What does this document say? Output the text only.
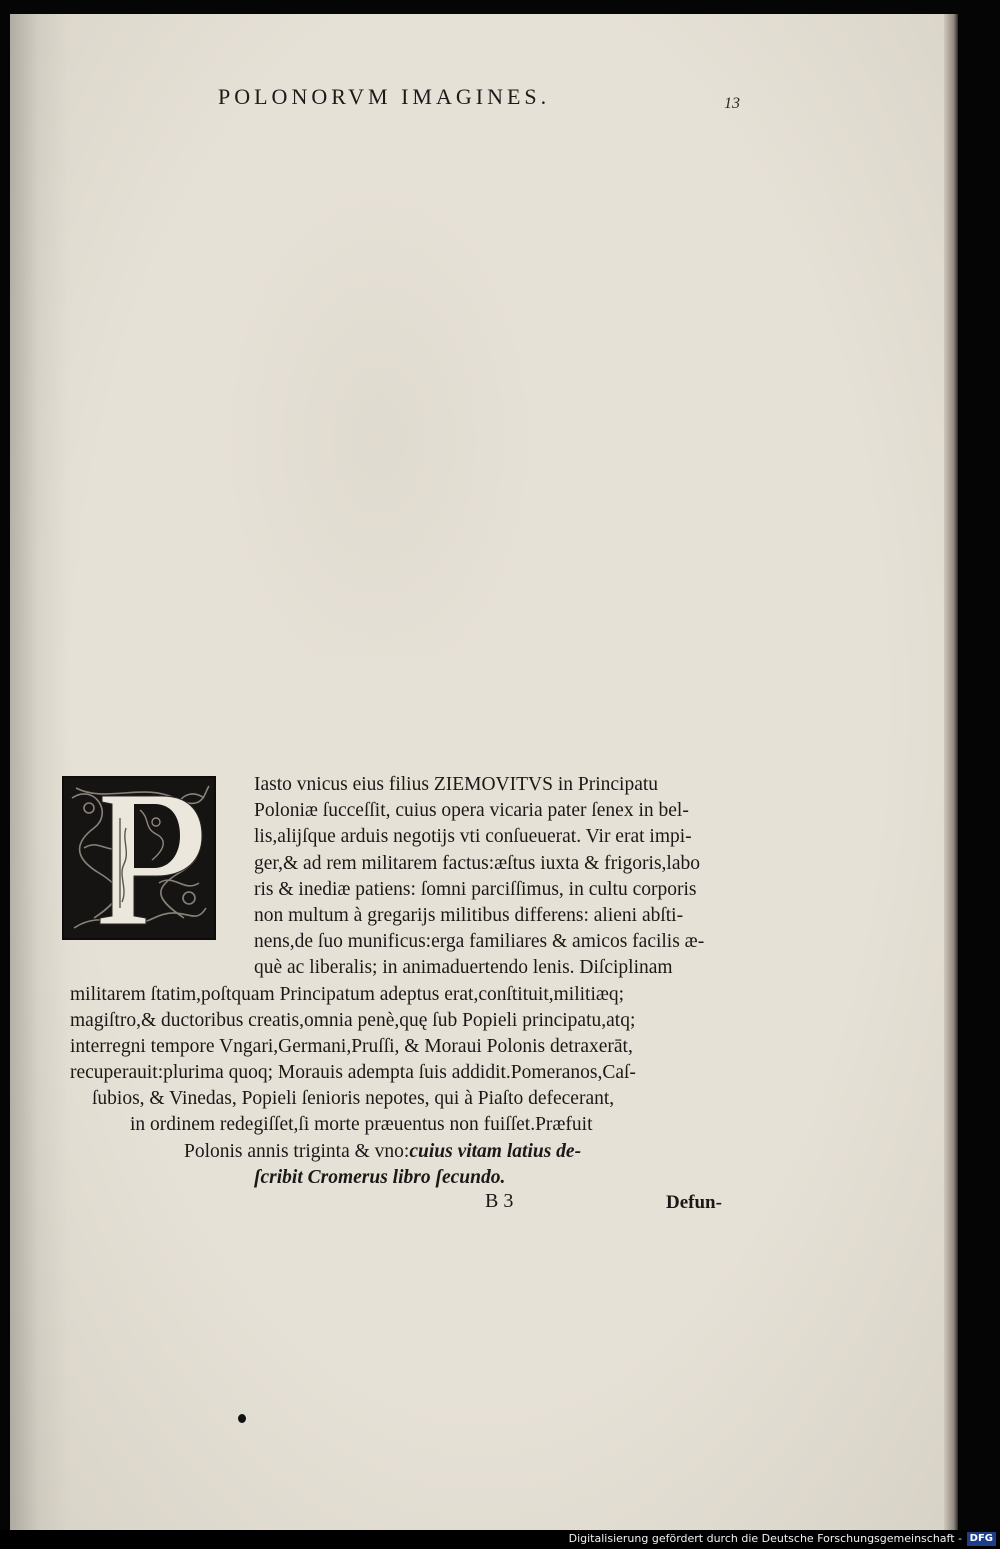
POLONORVM IMAGINES.	13
Iasto vnicus eius filius ZIEMOVITVS in Principatu
Poloniæ ſucceſſit, cuius opera vicaria pater ſenex in bel-
lis,alijſque arduis negotijs vti conſueuerat. Vir erat impi-
ger,& ad rem militarem factus:æſtus iuxta & frigoris,labo
ris & inediæ patiens: ſomni parciſſimus, in cultu corporis
non multum à gregarijs militibus differens: alieni abſti-
nens,de ſuo munificus:erga familiares & amicos facilis æ-
què ac liberalis; in animaduertendo lenis. Diſciplinam
militarem ſtatim,poſtquam Principatum adeptus erat,conſtituit,militiæq;
magiſtro,& ductoribus creatis,omnia penè,quę ſub Popieli principatu,atq;
interregni tempore Vngari,Germani,Pruſſi, & Moraui Polonis detraxerāt,
recuperauit:plurima quoq; Morauis adempta ſuis addidit.Pomeranos,Caſ-
ſubios, & Vinedas, Popieli ſenioris nepotes, qui à Piaſto defecerant,
in ordinem redegiſſet,ſi morte præuentus non fuiſſet.Præfuit
Polonis annis triginta & vno:cuius vitam latius de-
ſcribit Cromerus libro ſecundo.
B 3	Defun-
Digitalisierung gefördert durch die Deutsche Forschungsgemeinschaft - DFG
